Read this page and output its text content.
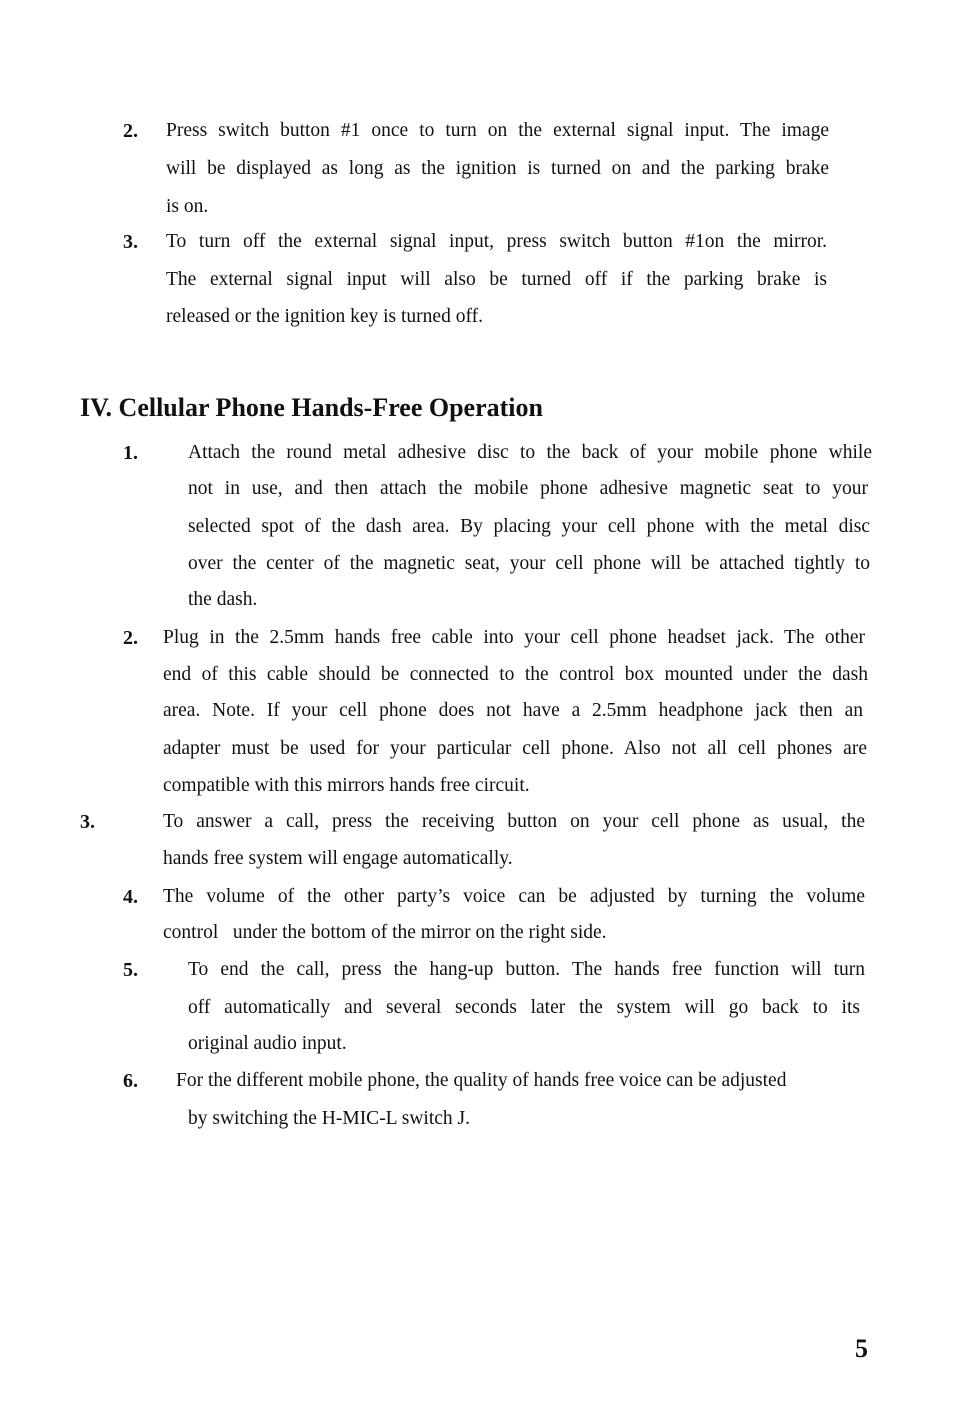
2. Press switch button #1 once to turn on the external signal input. The image
will be displayed as long as the ignition is turned on and the parking brake
is on.
3. To turn off the external signal input, press switch button #1on the mirror.
The external signal input will also be turned off if the parking brake is
released or the ignition key is turned off.
IV. Cellular Phone Hands-Free Operation
1.	Attach the round metal adhesive disc to the back of your mobile phone while
not in use, and then attach the mobile phone adhesive magnetic seat to your
selected spot of the dash area. By placing your cell phone with the metal disc
over the center of the magnetic seat, your cell phone will be attached tightly to
the dash.
2. Plug in the 2.5mm hands free cable into your cell phone headset jack. The other
end of this cable should be connected to the control box mounted under the dash
area. Note. If your cell phone does not have a 2.5mm headphone jack then an
adapter must be used for your particular cell phone. Also not all cell phones are
compatible with this mirrors hands free circuit.
3.	To answer a call, press the receiving button on your cell phone as usual, the
hands free system will engage automatically.
4. The volume of the other party’s voice can be adjusted by turning the volume
control   under the bottom of the mirror on the right side.
5.	To end the call, press the hang-up button. The hands free function will turn
off automatically and several seconds later the system will go back to its
original audio input.
6. For the different mobile phone, the quality of hands free voice can be adjusted
by switching the H-MIC-L switch J.
5
